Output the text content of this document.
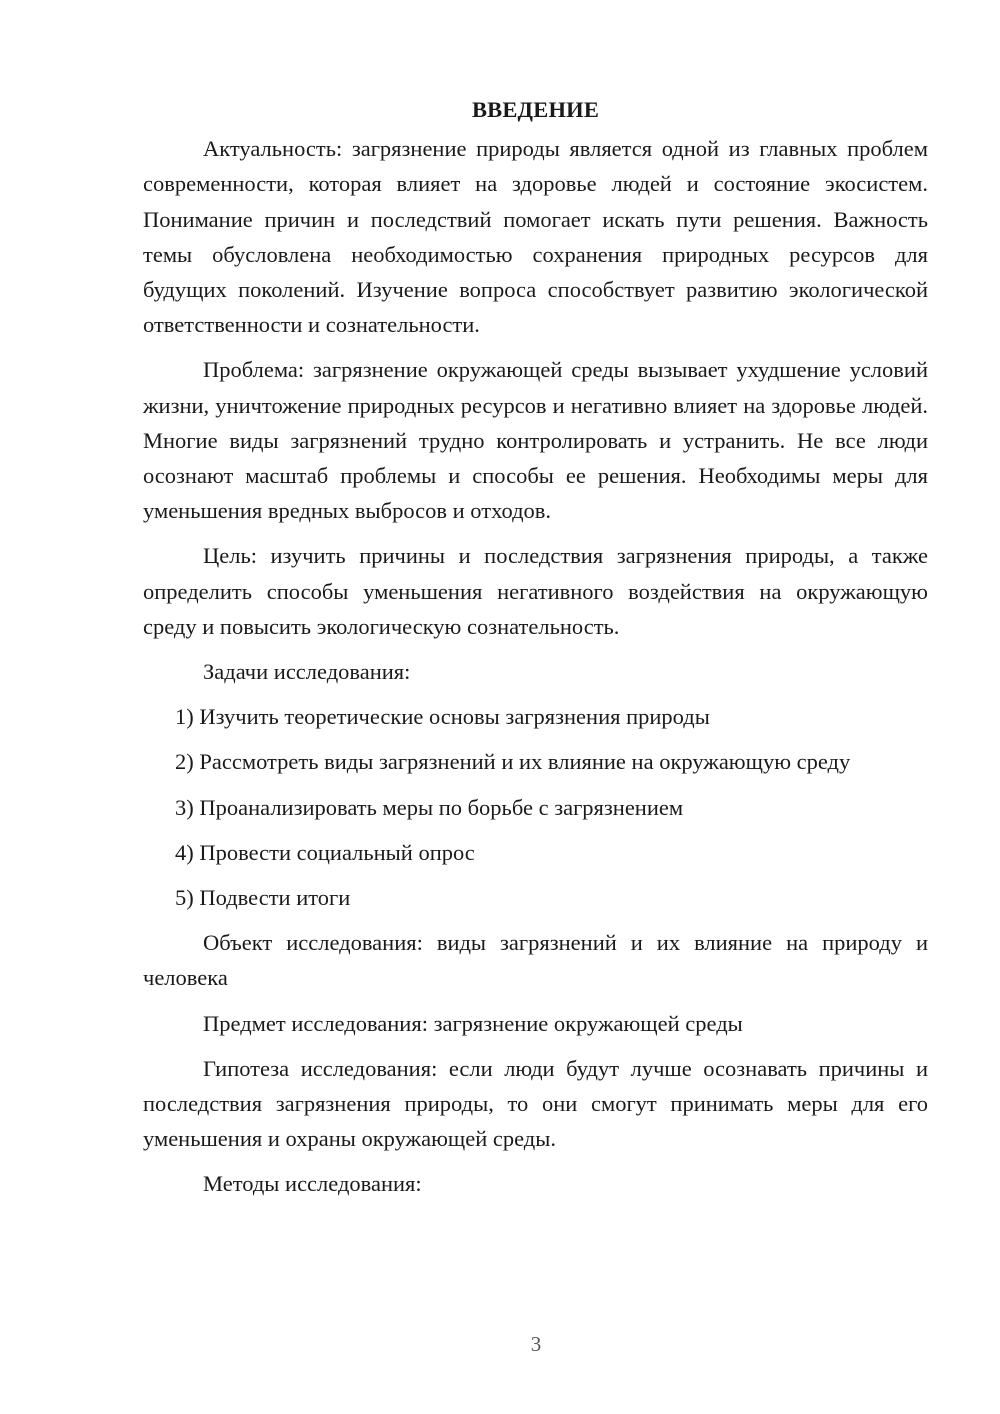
ВВЕДЕНИЕ

Актуальность: загрязнение природы является одной из главных проблем современности, которая влияет на здоровье людей и состояние экосистем. Понимание причин и последствий помогает искать пути решения. Важность темы обусловлена необходимостью сохранения природных ресурсов для будущих поколений. Изучение вопроса способствует развитию экологической ответственности и сознательности.

Проблема: загрязнение окружающей среды вызывает ухудшение условий жизни, уничтожение природных ресурсов и негативно влияет на здоровье людей. Многие виды загрязнений трудно контролировать и устранить. Не все люди осознают масштаб проблемы и способы ее решения. Необходимы меры для уменьшения вредных выбросов и отходов.

Цель: изучить причины и последствия загрязнения природы, а также определить способы уменьшения негативного воздействия на окружающую среду и повысить экологическую сознательность.

Задачи исследования:

1) Изучить теоретические основы загрязнения природы
2) Рассмотреть виды загрязнений и их влияние на окружающую среду
3) Проанализировать меры по борьбе с загрязнением
4) Провести социальный опрос
5) Подвести итоги

Объект исследования: виды загрязнений и их влияние на природу и человека

Предмет исследования: загрязнение окружающей среды

Гипотеза исследования: если люди будут лучше осознавать причины и последствия загрязнения природы, то они смогут принимать меры для его уменьшения и охраны окружающей среды.

Методы исследования:

3
